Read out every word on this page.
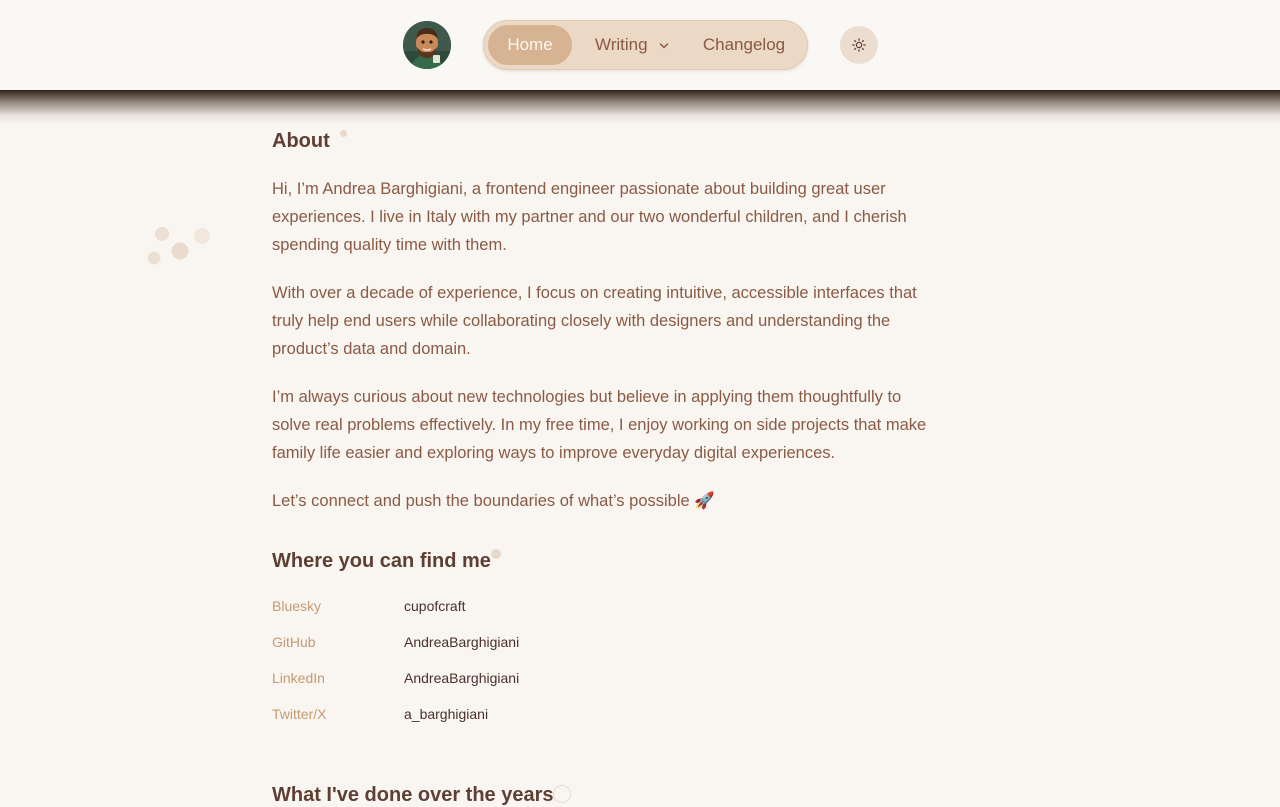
Home	Writing	Changelog
About

Hi, I’m Andrea Barghigiani, a frontend engineer passionate about building great user experiences. I live in Italy with my partner and our two wonderful children, and I cherish spending quality time with them.

With over a decade of experience, I focus on creating intuitive, accessible interfaces that truly help end users while collaborating closely with designers and understanding the product’s data and domain.

I’m always curious about new technologies but believe in applying them thoughtfully to solve real problems effectively. In my free time, I enjoy working on side projects that make family life easier and exploring ways to improve everyday digital experiences.

Let’s connect and push the boundaries of what’s possible 🚀

Where you can find me
Bluesky	cupofcraft
GitHub	AndreaBarghigiani
LinkedIn	AndreaBarghigiani
Twitter/X	a_barghigiani
What I've done over the years
